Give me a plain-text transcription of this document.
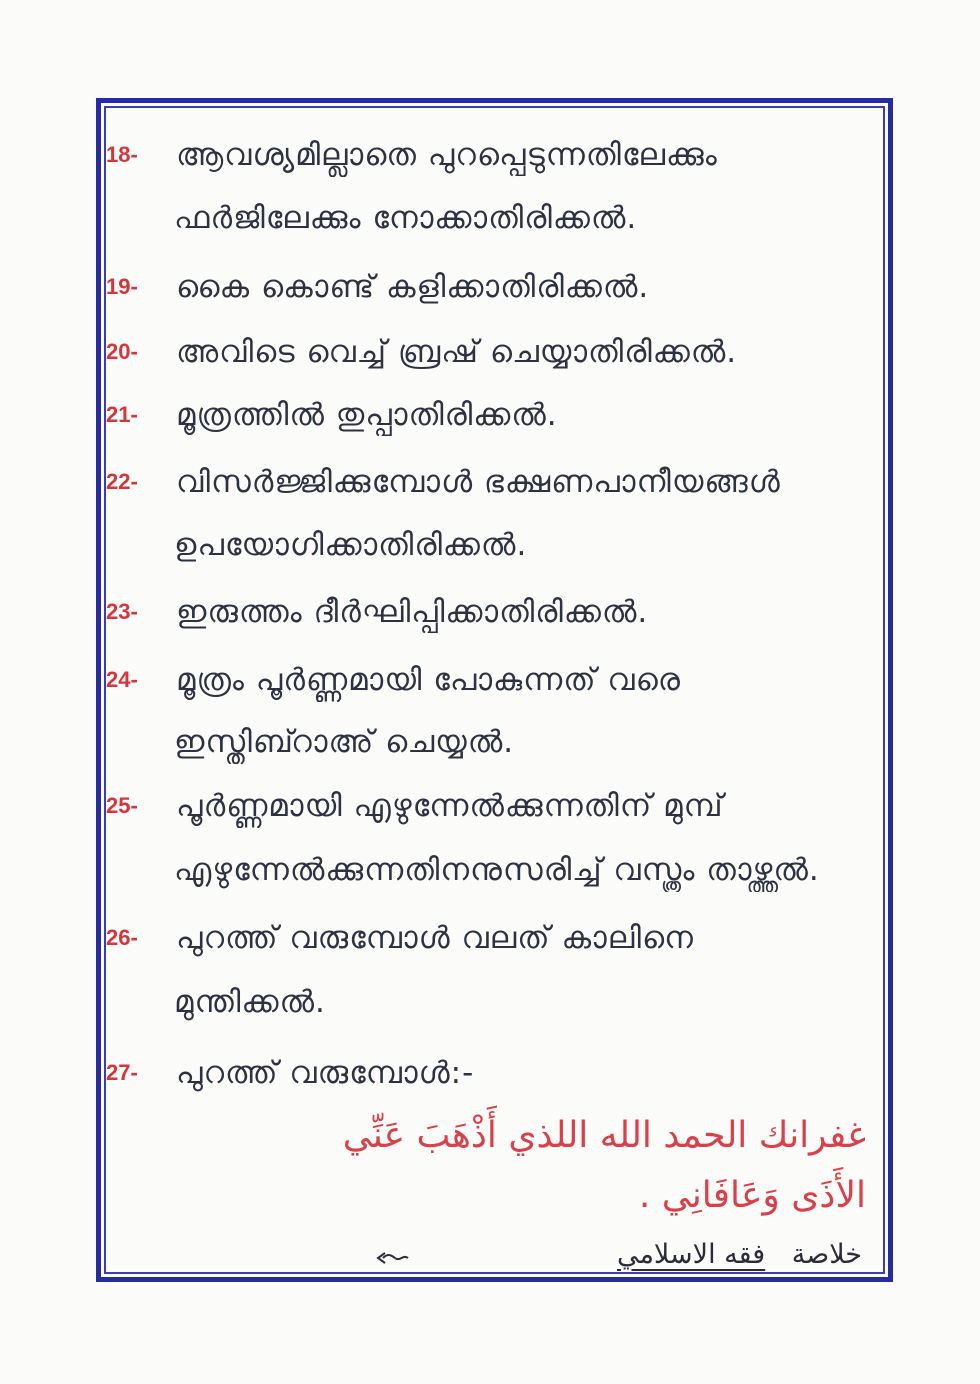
18-	ആവശ്യമില്ലാതെ പുറപ്പെടുന്നതിലേക്കും
ഫർജിലേക്കും നോക്കാതിരിക്കൽ.
19-	കൈ കൊണ്ട് കളിക്കാതിരിക്കൽ.
20-	അവിടെ വെച്ച് ബ്രഷ് ചെയ്യാതിരിക്കൽ.
21-	മൂത്രത്തിൽ തുപ്പാതിരിക്കൽ.
22-	വിസർജ്ജിക്കുമ്പോൾ ഭക്ഷണപാനീയങ്ങൾ
ഉപയോഗിക്കാതിരിക്കൽ.
23-	ഇരുത്തം ദീർഘിപ്പിക്കാതിരിക്കൽ.
24-	മൂത്രം പൂർണ്ണമായി പോകുന്നത് വരെ
ഇസ്തിബ്റാഅ് ചെയ്യൽ.
25-	പൂർണ്ണമായി എഴുന്നേൽക്കുന്നതിന് മുമ്പ്
എഴുന്നേൽക്കുന്നതിനനുസരിച്ച് വസ്ത്രം താഴ്ത്തൽ.
26-	പുറത്ത് വരുമ്പോൾ വലത് കാലിനെ
മുന്തിക്കൽ.
27-	പുറത്ത് വരുമ്പോൾ:-
غفرانك الحمد الله اللذي أَذْهَبَ عَنِّي
الأَذَى وَعَافَانِي .
خلاصة فقه الاسلامي
